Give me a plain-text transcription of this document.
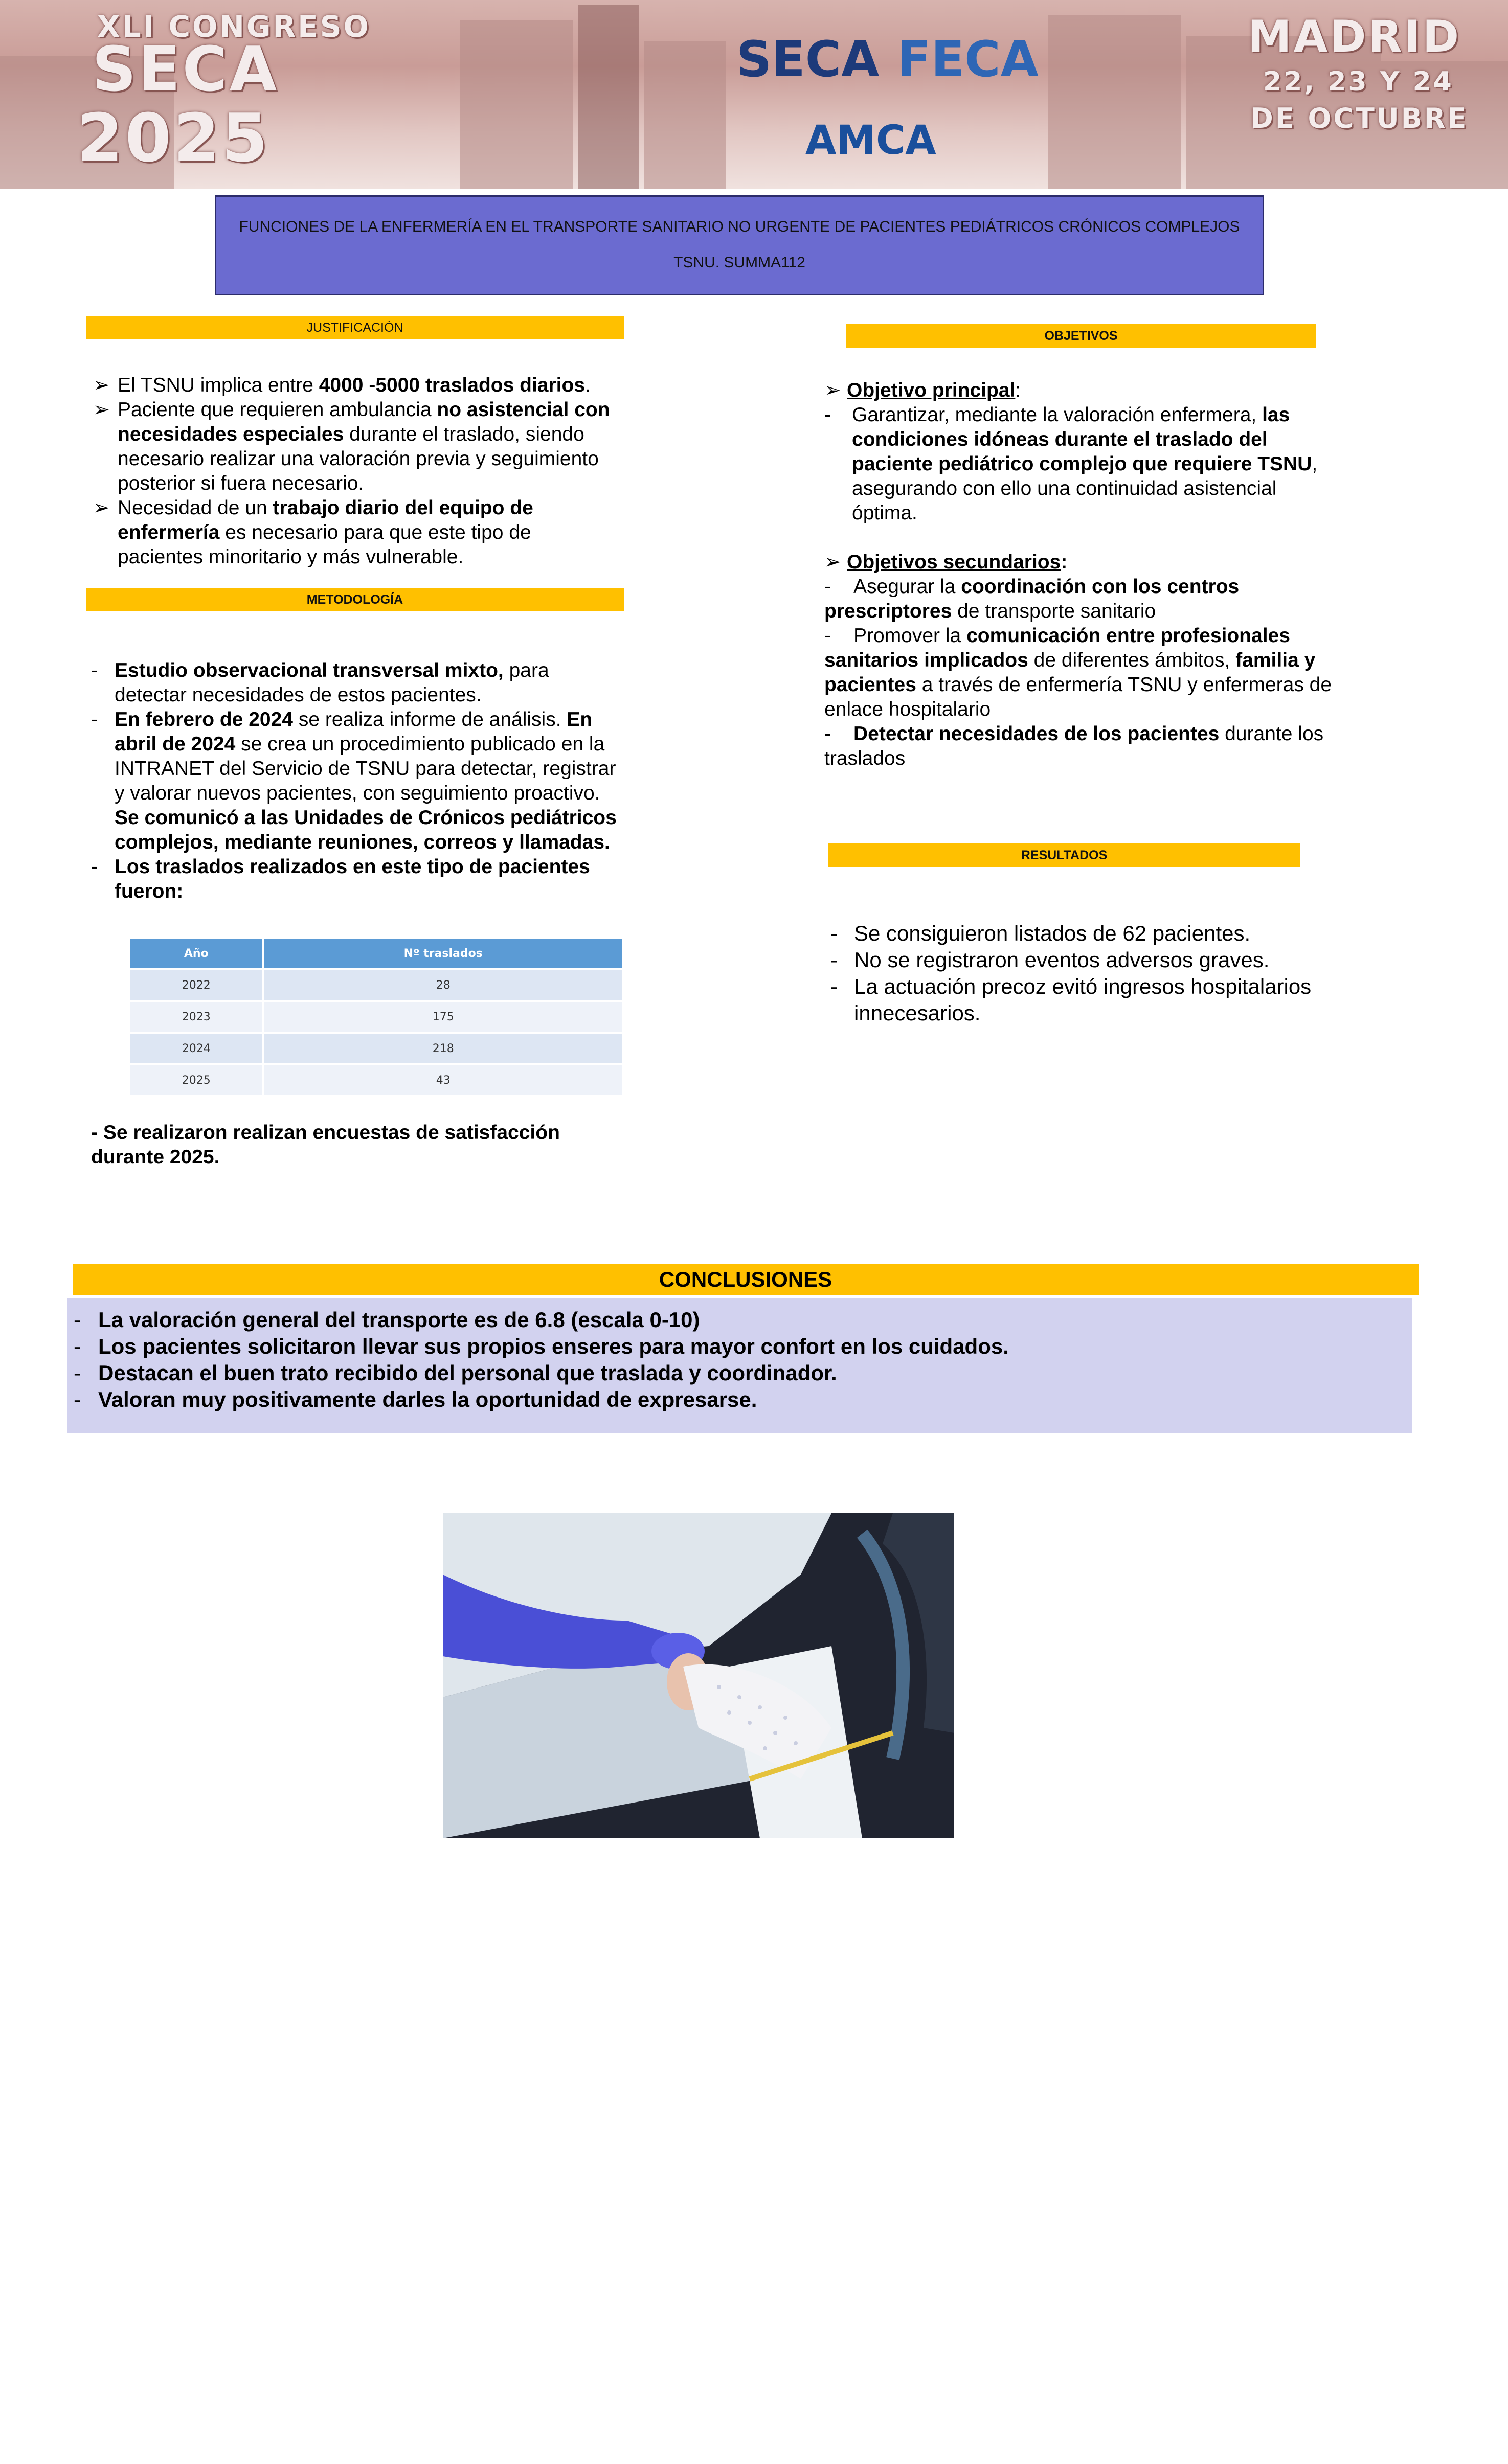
XLI CONGRESO
SECA
2025
SECA FECA
AMCA
MADRID
22, 23 Y 24
DE OCTUBRE
FUNCIONES DE LA ENFERMERÍA EN EL TRANSPORTE SANITARIO NO URGENTE DE PACIENTES PEDIÁTRICOS CRÓNICOS COMPLEJOS
TSNU. SUMMA112
JUSTIFICACIÓN

➢ El TSNU implica entre 4000 -5000 traslados diarios.

➢ Paciente que requieren ambulancia no asistencial con necesidades especiales durante el traslado, siendo necesario realizar una valoración previa y seguimiento posterior si fuera necesario.

➢ Necesidad de un trabajo diario del equipo de enfermería es necesario para que este tipo de pacientes minoritario y más vulnerable.

METODOLOGÍA

- Estudio observacional transversal mixto, para detectar necesidades de estos pacientes.

- En febrero de 2024 se realiza informe de análisis. En abril de 2024 se crea un procedimiento publicado en la INTRANET del Servicio de TSNU para detectar, registrar y valorar nuevos pacientes, con seguimiento proactivo. Se comunicó a las Unidades de Crónicos pediátricos complejos, mediante reuniones, correos y llamadas.

- Los traslados realizados en este tipo de pacientes fueron:

Año	Nº traslados
2022	28
2023	175
2024	218
2025	43
- Se realizaron realizan encuestas de satisfacción durante 2025.
OBJETIVOS

➢ Objetivo principal:

- Garantizar, mediante la valoración enfermera, las condiciones idóneas durante el traslado del paciente pediátrico complejo que requiere TSNU, asegurando con ello una continuidad asistencial óptima.

➢ Objetivos secundarios:

- Asegurar la coordinación con los centros prescriptores de transporte sanitario

- Promover la comunicación entre profesionales sanitarios implicados de diferentes ámbitos, familia y pacientes a través de enfermería TSNU y enfermeras de enlace hospitalario

- Detectar necesidades de los pacientes durante los traslados

RESULTADOS

- Se consiguieron listados de 62 pacientes.

- No se registraron eventos adversos graves.

- La actuación precoz evitó ingresos hospitalarios innecesarios.

CONCLUSIONES
- La valoración general del transporte es de 6.8 (escala 0-10)
- Los pacientes solicitaron llevar sus propios enseres para mayor confort en los cuidados.
- Destacan el buen trato recibido del personal que traslada y coordinador.
- Valoran muy positivamente darles la oportunidad de expresarse.
